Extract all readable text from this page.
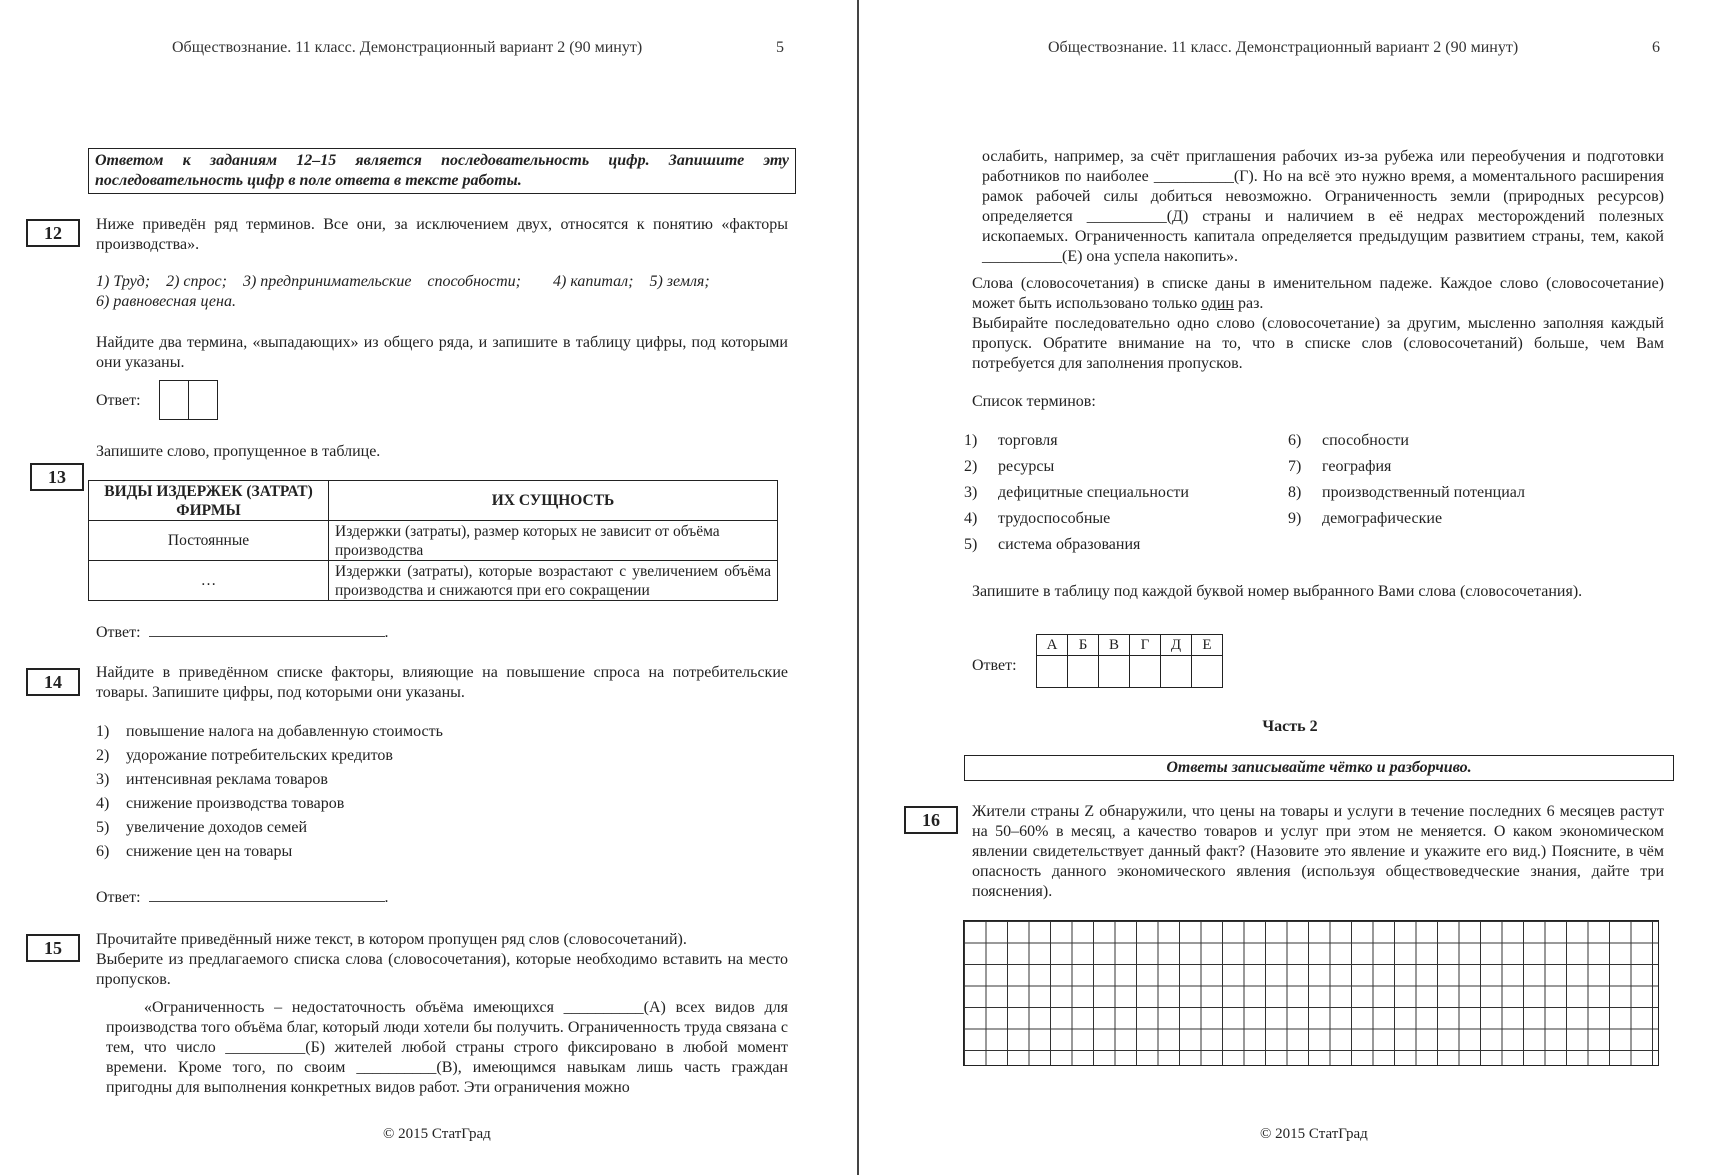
Обществознание. 11 класс. Демонстрационный вариант 2 (90 минут)	5
Ответом к заданиям 12–15 является последовательность цифр. Запишите эту последовательность цифр в поле ответа в тексте работы.
12	Ниже приведён ряд терминов. Все они, за исключением двух, относятся к понятию «факторы производства».
1) Труд;    2) спрос;    3) предпринимательские    способности;        4) капитал;    5) земля;
6) равновесная цена.
Найдите два термина, «выпадающих» из общего ряда, и запишите в таблицу цифры, под которыми они указаны.
Ответ:
Запишите слово, пропущенное в таблице.
13
ВИДЫ ИЗДЕРЖЕК (ЗАТРАТ) ФИРМЫ	ИХ СУЩНОСТЬ
Постоянные	Издержки (затраты), размер которых не зависит от объёма производства
…	Издержки (затраты), которые возрастают с увеличением объёма производства и снижаются при его сокращении
Ответ:	.
14	Найдите в приведённом списке факторы, влияющие на повышение спроса на потребительские товары. Запишите цифры, под которыми они указаны.
1)	повышение налога на добавленную стоимость
2)	удорожание потребительских кредитов
3)	интенсивная реклама товаров
4)	снижение производства товаров
5)	увеличение доходов семей
6)	снижение цен на товары
Ответ:	.
15	Прочитайте приведённый ниже текст, в котором пропущен ряд слов (словосочетаний).
Выберите из предлагаемого списка слова (словосочетания), которые необходимо вставить на место пропусков.
«Ограниченность – недостаточность объёма имеющихся __________(А) всех видов для производства того объёма благ, который люди хотели бы получить. Ограниченность труда связана с тем, что число __________(Б) жителей любой страны строго фиксировано в любой момент времени. Кроме того, по своим __________(В), имеющимся навыкам лишь часть граждан пригодны для выполнения конкретных видов работ. Эти ограничения можно
© 2015 СтатГрад
Обществознание. 11 класс. Демонстрационный вариант 2 (90 минут)	6
ослабить, например, за счёт приглашения рабочих из-за рубежа или переобучения и подготовки работников по наиболее __________(Г). Но на всё это нужно время, а моментального расширения рамок рабочей силы добиться невозможно. Ограниченность земли (природных ресурсов) определяется __________(Д) страны и наличием в её недрах месторождений полезных ископаемых. Ограниченность капитала определяется предыдущим развитием страны, тем, какой __________(Е) она успела накопить».
Слова (словосочетания) в списке даны в именительном падеже. Каждое слово (словосочетание) может быть использовано только один раз.
Выбирайте последовательно одно слово (словосочетание) за другим, мысленно заполняя каждый пропуск. Обратите внимание на то, что в списке слов (словосочетаний) больше, чем Вам потребуется для заполнения пропусков.
Список терминов:
1)	торговля
2)	ресурсы
3)	дефицитные специальности
4)	трудоспособные
5)	система образования
6)	способности
7)	география
8)	производственный потенциал
9)	демографические
Запишите в таблицу под каждой буквой номер выбранного Вами слова (словосочетания).
Ответ:
А	Б	В	Г	Д	Е

Часть 2
Ответы записывайте чётко и разборчиво.
16	Жители страны Z обнаружили, что цены на товары и услуги в течение последних 6 месяцев растут на 50–60% в месяц, а качество товаров и услуг при этом не меняется. О каком экономическом явлении свидетельствует данный факт? (Назовите это явление и укажите его вид.) Поясните, в чём опасность данного экономического явления (используя обществоведческие знания, дайте три пояснения).
© 2015 СтатГрад
